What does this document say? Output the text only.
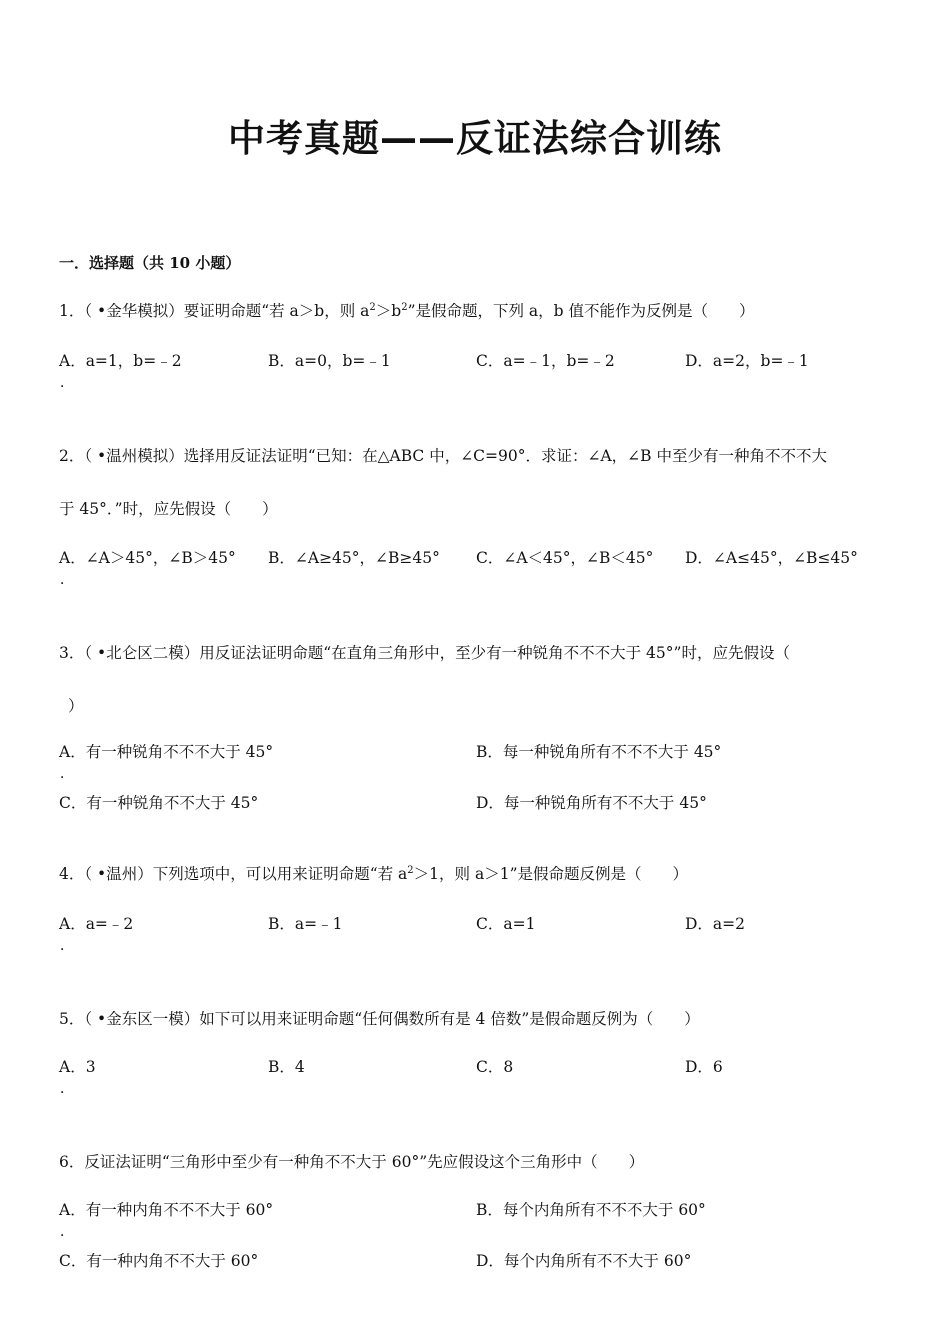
中考真题——反证法综合训练
一．选择题（共 10 小题）
1．（ •金华模拟）要证明命题“若 a＞b，则 $a^2>b^2$”是假命题，下列 a，b 值不能作为反例是（　　）
A．a=1，b=﹣2	B．a=0，b=﹣1	C．a=﹣1，b=﹣2	D．a=2，b=﹣1
．
2．（ •温州模拟）选择用反证法证明“已知：在△ABC 中，∠C=90°．求证：∠A，∠B 中至少有一种角不不不大
于 45°．”时，应先假设（　　）
A．∠A＞45°，∠B＞45° B．∠A≥45°，∠B≥45° C．∠A＜45°，∠B＜45° D．∠A≤45°，∠B≤45°
．
3．（ •北仑区二模）用反证法证明命题“在直角三角形中，至少有一种锐角不不不大于 45°”时，应先假设（
）
A．有一种锐角不不不大于 45°	B．每一种锐角所有不不不大于 45°
．
C．有一种锐角不不大于 45°	D．每一种锐角所有不不大于 45°
4．（ •温州）下列选项中，可以用来证明命题“若 $a^2>1$，则 a＞1”是假命题反例是（　　）
A．a=﹣2	B．a=﹣1	C．a=1	D．a=2
．
5．（ •金东区一模）如下可以用来证明命题“任何偶数所有是 4 倍数”是假命题反例为（　　）
A．3	B．4	C．8	D．6
．
6．反证法证明“三角形中至少有一种角不不大于 60°”先应假设这个三角形中（　　）
A．有一种内角不不不大于 60°	B．每个内角所有不不不大于 60°
．
C．有一种内角不不大于 60°	D．每个内角所有不不大于 60°
